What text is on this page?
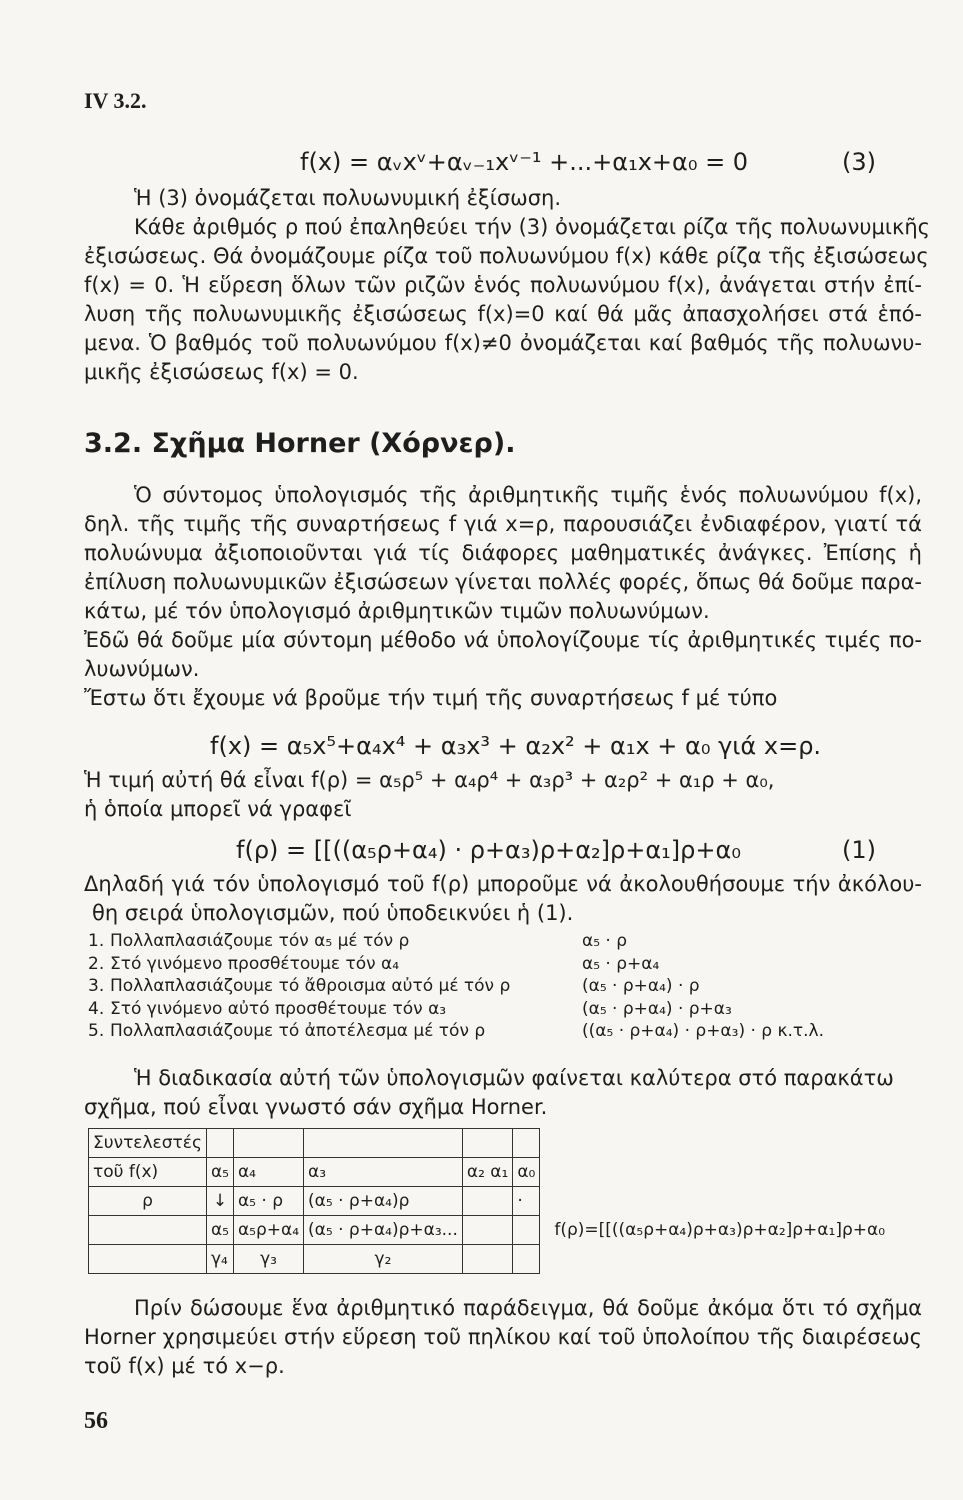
IV 3.2.
f(x) = αᵥxᵛ+αᵥ₋₁xᵛ⁻¹ +...+α₁x+α₀ = 0	(3)
Ἡ (3) ὀνομάζεται πολυωνυμική ἐξίσωση.
Κάθε ἀριθμός ρ πού ἐπαληθεύει τήν (3) ὀνομάζεται ρίζα τῆς πολυωνυμικῆς
ἐξισώσεως. Θά ὀνομάζουμε ρίζα τοῦ πολυωνύμου f(x) κάθε ρίζα τῆς ἐξισώσεως
f(x) = 0. Ἡ εὕρεση ὅλων τῶν ριζῶν ἑνός πολυωνύμου f(x), ἀνάγεται στήν ἐπί-
λυση τῆς πολυωνυμικῆς ἐξισώσεως f(x)=0 καί θά μᾶς ἀπασχολήσει στά ἑπό-
μενα. Ὁ βαθμός τοῦ πολυωνύμου f(x)≠0 ὀνομάζεται καί βαθμός τῆς πολυωνυ-
μικῆς ἐξισώσεως f(x) = 0.
3.2. Σχῆμα Horner (Χόρνερ).
Ὁ σύντομος ὑπολογισμός τῆς ἀριθμητικῆς τιμῆς ἑνός πολυωνύμου f(x),
δηλ. τῆς τιμῆς τῆς συναρτήσεως f γιά x=ρ, παρουσιάζει ἐνδιαφέρον, γιατί τά
πολυώνυμα ἀξιοποιοῦνται γιά τίς διάφορες μαθηματικές ἀνάγκες. Ἐπίσης ἡ
ἐπίλυση πολυωνυμικῶν ἐξισώσεων γίνεται πολλές φορές, ὅπως θά δοῦμε παρα-
κάτω, μέ τόν ὑπολογισμό ἀριθμητικῶν τιμῶν πολυωνύμων.
Ἐδῶ θά δοῦμε μία σύντομη μέθοδο νά ὑπολογίζουμε τίς ἀριθμητικές τιμές πο-
λυωνύμων.
Ἔστω ὅτι ἔχουμε νά βροῦμε τήν τιμή τῆς συναρτήσεως f μέ τύπο
f(x) = α₅x⁵+α₄x⁴ + α₃x³ + α₂x² + α₁x + α₀ γιά x=ρ.
Ἡ τιμή αὐτή θά εἶναι f(ρ) = α₅ρ⁵ + α₄ρ⁴ + α₃ρ³ + α₂ρ² + α₁ρ + α₀,
ἡ ὁποία μπορεῖ νά γραφεῖ
f(ρ) = [[((α₅ρ+α₄) · ρ+α₃)ρ+α₂]ρ+α₁]ρ+α₀	(1)
Δηλαδή γιά τόν ὑπολογισμό τοῦ f(ρ) μποροῦμε νά ἀκολουθήσουμε τήν ἀκόλου-
θη σειρά ὑπολογισμῶν, πού ὑποδεικνύει ἡ (1).
1. Πολλαπλασιάζουμε τόν α₅ μέ τόν ρ	α₅ · ρ
2. Στό γινόμενο προσθέτουμε τόν α₄	α₅ · ρ+α₄
3. Πολλαπλασιάζουμε τό ἄθροισμα αὐτό μέ τόν ρ	(α₅ · ρ+α₄) · ρ
4. Στό γινόμενο αὐτό προσθέτουμε τόν α₃	(α₅ · ρ+α₄) · ρ+α₃
5. Πολλαπλασιάζουμε τό ἀποτέλεσμα μέ τόν ρ	((α₅ · ρ+α₄) · ρ+α₃) · ρ κ.τ.λ.
Ἡ διαδικασία αὐτή τῶν ὑπολογισμῶν φαίνεται καλύτερα στό παρακάτω
σχῆμα, πού εἶναι γνωστό σάν σχῆμα Horner.
Συντελεστές						
τοῦ f(x)	α₅	α₄	α₃	α₂ α₁	α₀	
ρ	↓	α₅ · ρ	(α₅ · ρ+α₄)ρ		·	
	α₅	α₅ρ+α₄	(α₅ · ρ+α₄)ρ+α₃...			f(ρ)=[[((α₅ρ+α₄)ρ+α₃)ρ+α₂]ρ+α₁]ρ+α₀
	γ₄	γ₃	γ₂			
Πρίν δώσουμε ἕνα ἀριθμητικό παράδειγμα, θά δοῦμε ἀκόμα ὅτι τό σχῆμα
Horner χρησιμεύει στήν εὕρεση τοῦ πηλίκου καί τοῦ ὑπολοίπου τῆς διαιρέσεως
τοῦ f(x) μέ τό x−ρ.
56
